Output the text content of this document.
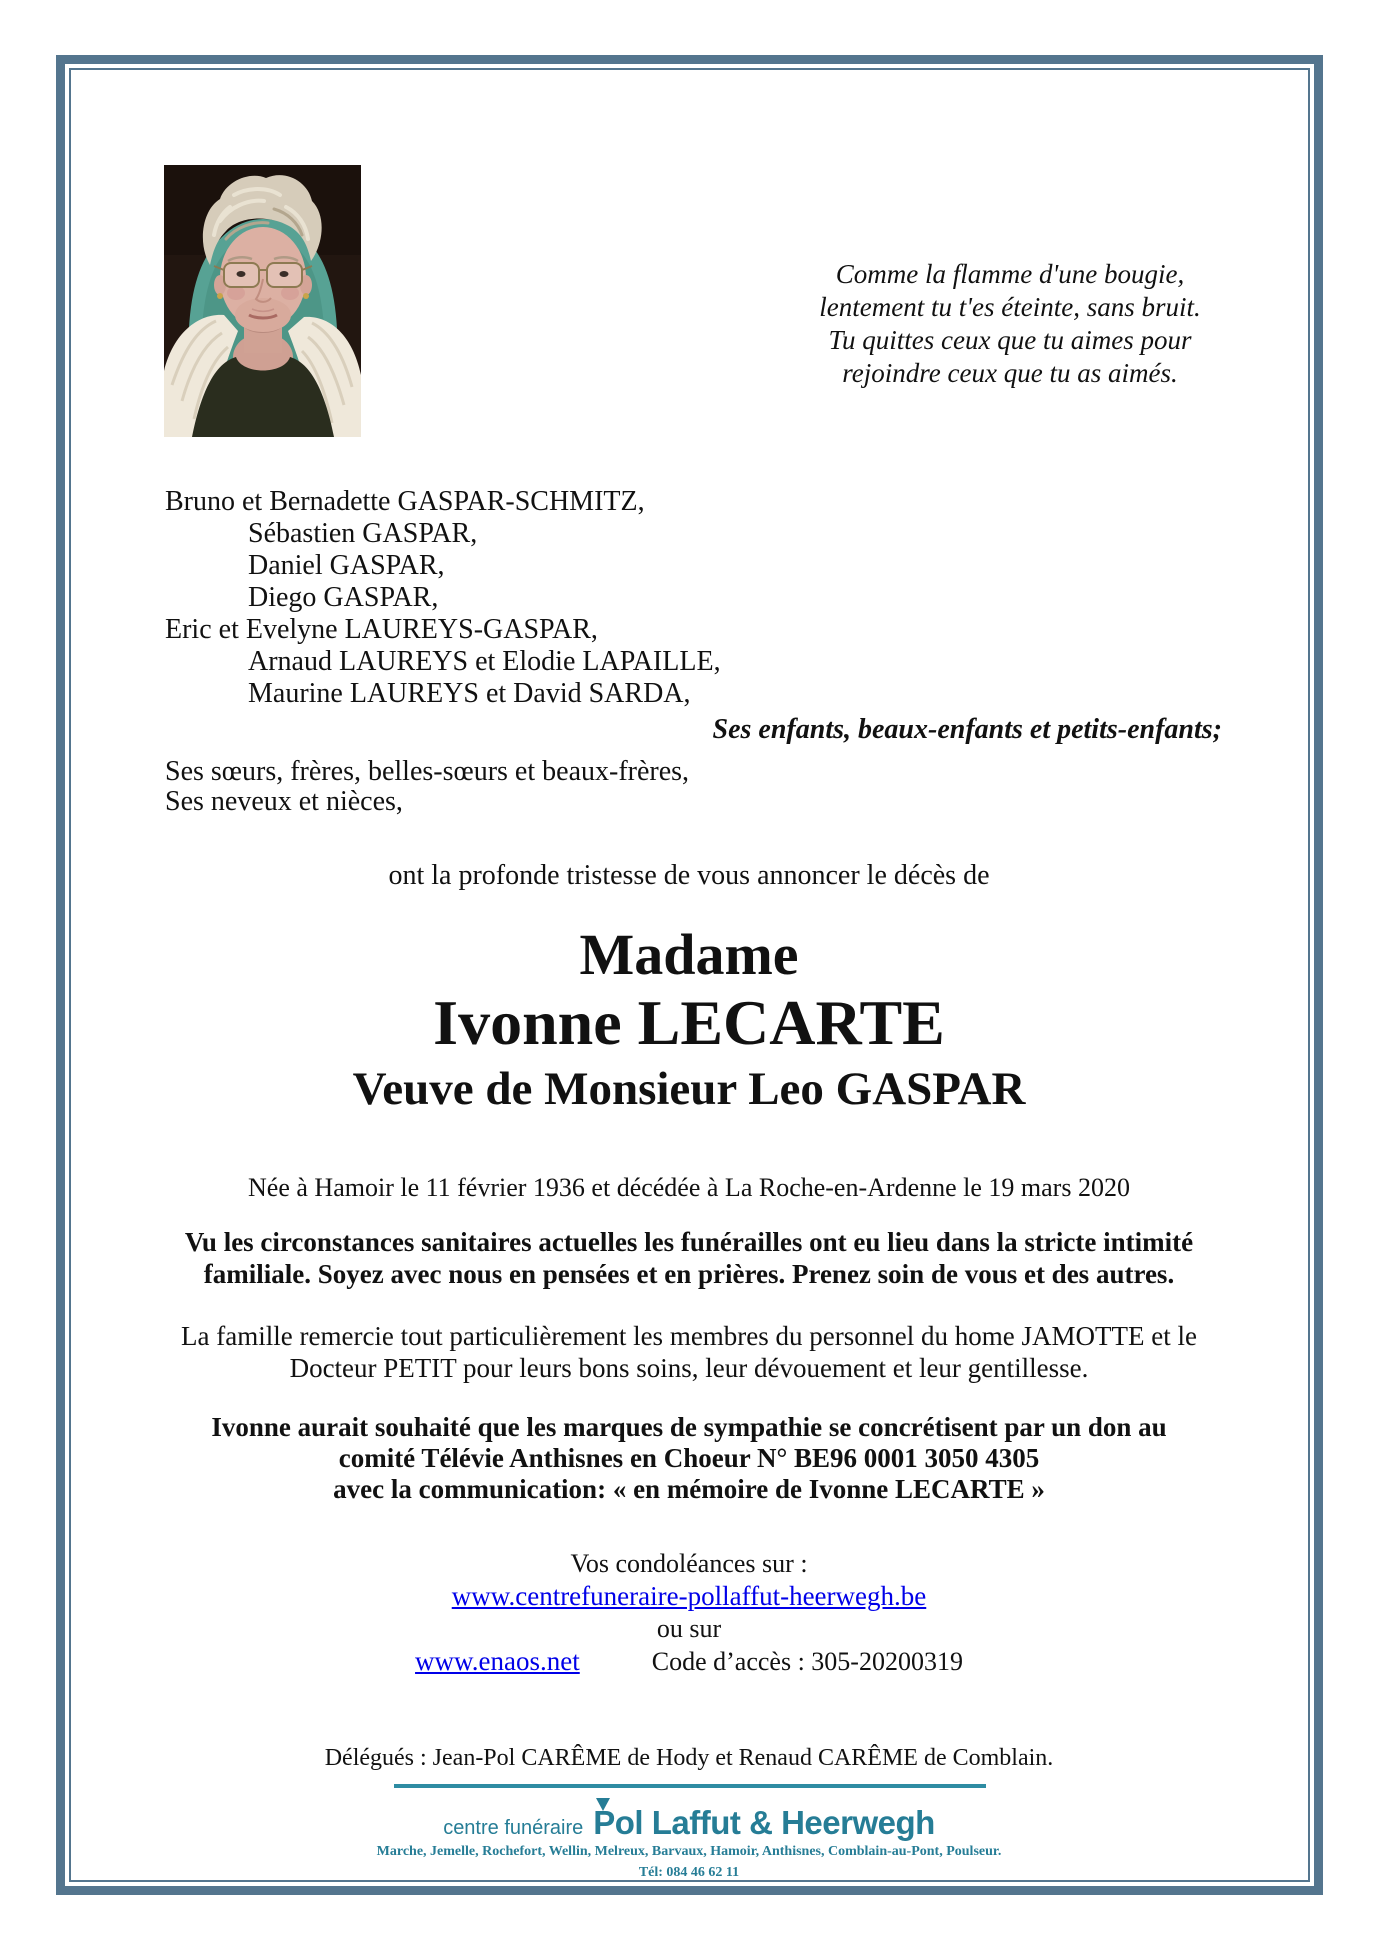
Comme la flamme d'une bougie,
lentement tu t'es éteinte, sans bruit.
Tu quittes ceux que tu aimes pour
rejoindre ceux que tu as aimés.
Bruno et Bernadette GASPAR-SCHMITZ,
Sébastien GASPAR,
Daniel GASPAR,
Diego GASPAR,
Eric et Evelyne LAUREYS-GASPAR,
Arnaud LAUREYS et Elodie LAPAILLE,
Maurine LAUREYS et David SARDA,
Ses enfants, beaux-enfants et petits-enfants;
Ses sœurs, frères, belles-sœurs et beaux-frères,
Ses neveux et nièces,
ont la profonde tristesse de vous annoncer le décès de
Madame
Ivonne LECARTE
Veuve de Monsieur Leo GASPAR
Née à Hamoir le 11 février 1936 et décédée à La Roche-en-Ardenne le 19 mars 2020
Vu les circonstances sanitaires actuelles les funérailles ont eu lieu dans la stricte intimité
familiale. Soyez avec nous en pensées et en prières. Prenez soin de vous et des autres.
La famille remercie tout particulièrement les membres du personnel du home JAMOTTE et le
Docteur PETIT pour leurs bons soins, leur dévouement et leur gentillesse.
Ivonne aurait souhaité que les marques de sympathie se concrétisent par un don au
comité Télévie Anthisnes en Choeur N° BE96 0001 3050 4305
avec la communication: « en mémoire de Ivonne LECARTE »
Vos condoléances sur :
www.centrefuneraire-pollaffut-heerwegh.be
ou sur
www.enaos.net	Code d’accès : 305-20200319
Délégués : Jean-Pol CARÊME de Hody et Renaud CARÊME de Comblain.
centre funéraire Pol Laffut & Heerwegh
Marche, Jemelle, Rochefort, Wellin, Melreux, Barvaux, Hamoir, Anthisnes, Comblain-au-Pont, Poulseur.
Tél: 084 46 62 11
